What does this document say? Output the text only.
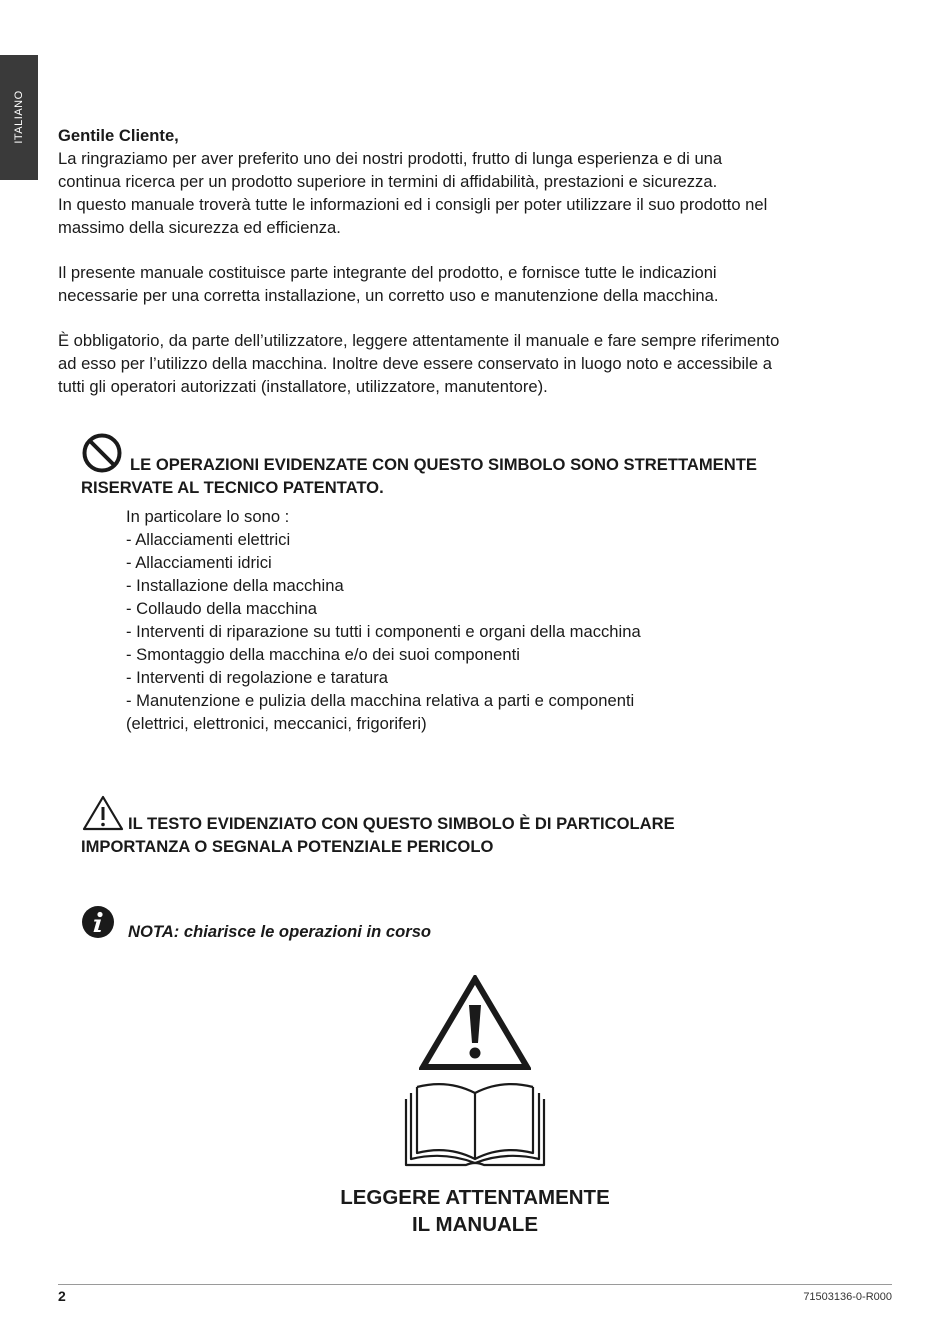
ITALIANO Gentile Cliente,

La ringraziamo per aver preferito uno dei nostri prodotti, frutto di lunga esperienza e di una

continua ricerca per un prodotto superiore in termini di affidabilità, prestazioni e sicurezza.

In questo manuale troverà tutte le informazioni ed i consigli per poter utilizzare il suo prodotto nel

massimo della sicurezza ed efficienza.

Il presente manuale costituisce parte integrante del prodotto, e fornisce tutte le indicazioni

necessarie per una corretta installazione, un corretto uso e manutenzione della macchina.

È obbligatorio, da parte dell’utilizzatore, leggere attentamente il manuale e fare sempre riferimento

ad esso per l’utilizzo della macchina. Inoltre deve essere conservato in luogo noto e accessibile a

tutti gli operatori autorizzati (installatore, utilizzatore, manutentore).

LE OPERAZIONI EVIDENZATE CON QUESTO SIMBOLO SONO STRETTAMENTE
RISERVATE AL TECNICO PATENTATO.

In particolare lo sono :
- Allacciamenti elettrici
- Allacciamenti idrici
- Installazione della macchina
- Collaudo della macchina
- Interventi di riparazione su tutti i componenti e organi della macchina
- Smontaggio della macchina e/o dei suoi componenti
- Interventi di regolazione e taratura
- Manutenzione e pulizia della macchina relativa a parti e componenti (elettrici, elettronici, meccanici, frigoriferi)

IL TESTO EVIDENZIATO CON QUESTO SIMBOLO È DI PARTICOLARE
IMPORTANZA O SEGNALA POTENZIALE PERICOLO

NOTA: chiarisce le operazioni in corso
LEGGERE ATTENTAMENTE
IL MANUALE
2	71503136-0-R000
